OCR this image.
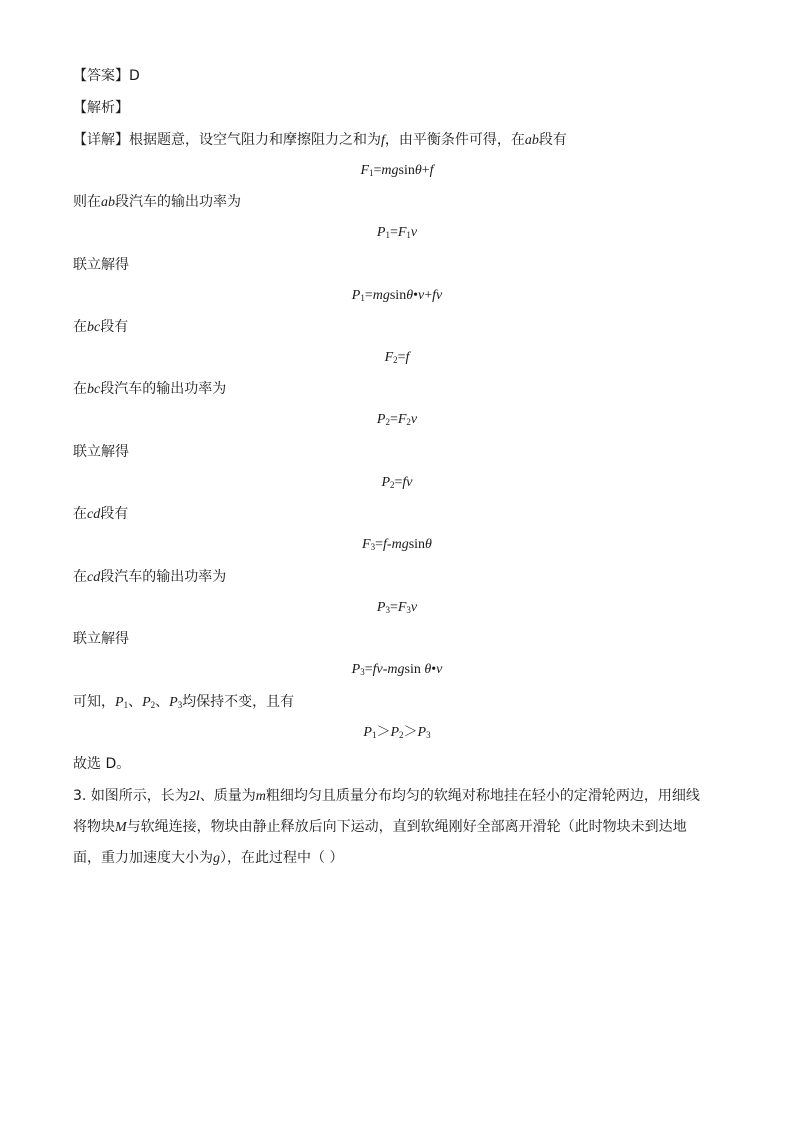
【答案】D
【解析】
【详解】根据题意，设空气阻力和摩擦阻力之和为f，由平衡条件可得，在ab段有
$F_1=mgsin\theta+f$
则在ab段汽车的输出功率为
$P_1=F_1v$
联立解得
$P_1=mgsin\theta•v+fv$
在bc段有
$F_2=f$
在bc段汽车的输出功率为
$P_2=F_2v$
联立解得
$P_2=fv$
在cd段有
$F_3=f$-mgsinθ
在cd段汽车的输出功率为
$P_3=F_3v$
联立解得
$P_3=fv$-mgsin θ•v
可知，$P_1$、$P_2$、$P_3$均保持不变，且有
$P_1>P_2>P_3$
故选 D。
3. 如图所示，长为2l、质量为m粗细均匀且质量分布均匀的软绳对称地挂在轻小的定滑轮两边，用细线
将物块M与软绳连接，物块由静止释放后向下运动，直到软绳刚好全部离开滑轮（此时物块未到达地
面，重力加速度大小为g），在此过程中（ ）
